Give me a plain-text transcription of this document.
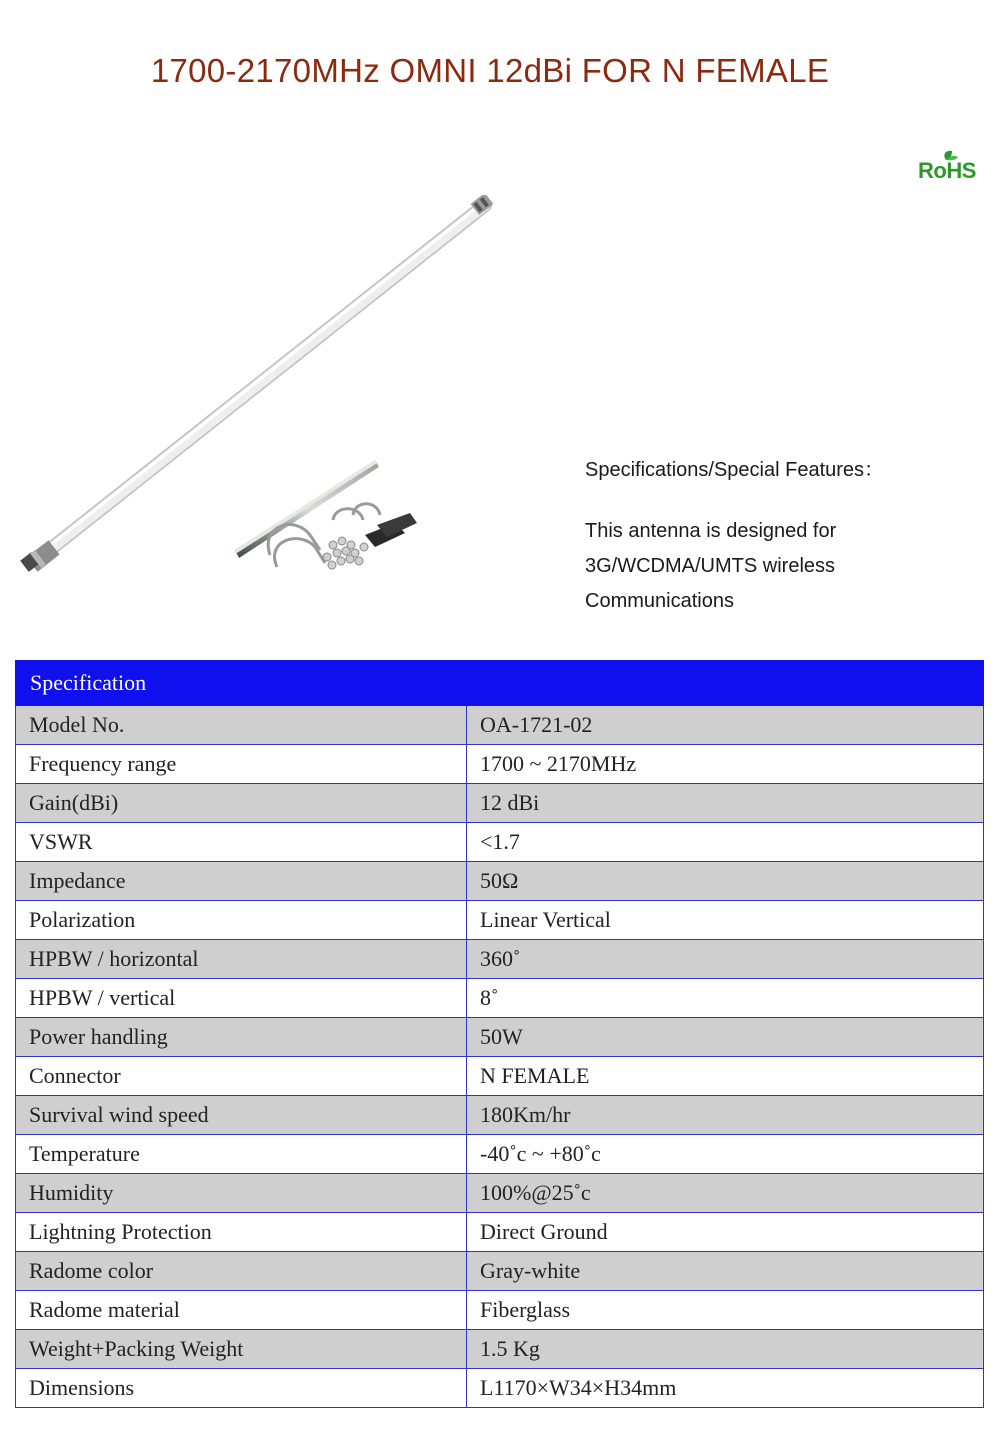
1700-2170MHz OMNI 12dBi FOR N FEMALE
RoHS

Specifications/Special Features：

This antenna is designed for
3G/WCDMA/UMTS wireless
Communications

Specification	
Model No.	OA-1721-02
Frequency range	1700 ~ 2170MHz
Gain(dBi)	12 dBi
VSWR	<1.7
Impedance	50Ω
Polarization	Linear Vertical
HPBW / horizontal	360˚
HPBW / vertical	8˚
Power handling	50W
Connector	N FEMALE
Survival wind speed	180Km/hr
Temperature	-40˚c ~ +80˚c
Humidity	100%@25˚c
Lightning Protection	Direct Ground
Radome color	Gray-white
Radome material	Fiberglass
Weight+Packing Weight	1.5 Kg
Dimensions	L1170×W34×H34mm
